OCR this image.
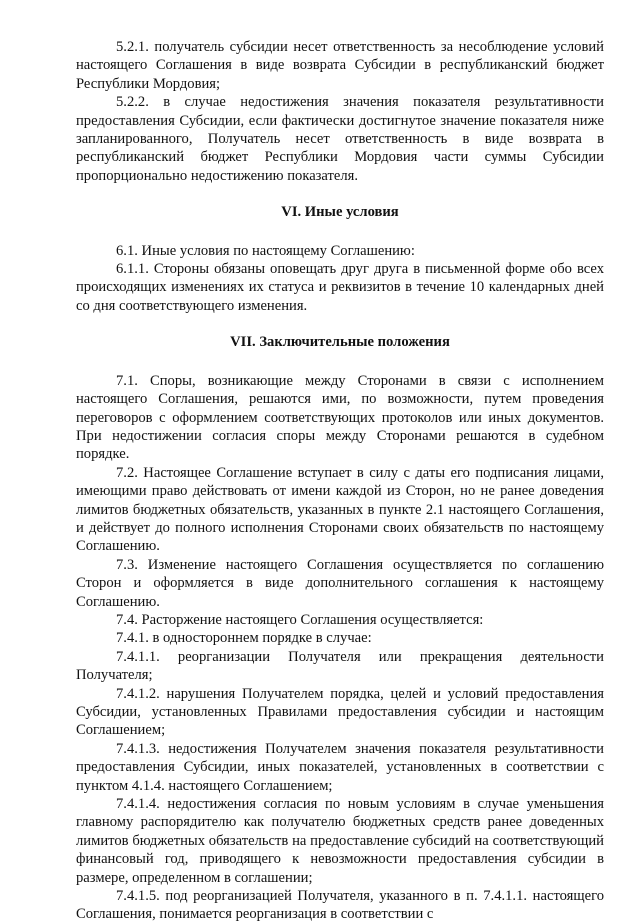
5.2.1. получатель субсидии несет ответственность за несоблюдение условий настоящего Соглашения в виде возврата Субсидии в республиканский бюджет Республики Мордовия;

5.2.2. в случае недостижения значения показателя результативности предоставления Субсидии, если фактически достигнутое значение показателя ниже запланированного, Получатель несет ответственность в виде возврата в республиканский бюджет Республики Мордовия части суммы Субсидии пропорционально недостижению показателя.

VI. Иные условия

6.1. Иные условия по настоящему Соглашению:

6.1.1. Стороны обязаны оповещать друг друга в письменной форме обо всех происходящих изменениях их статуса и реквизитов в течение 10 календарных дней со дня соответствующего изменения.

VII. Заключительные положения

7.1. Споры, возникающие между Сторонами в связи с исполнением настоящего Соглашения, решаются ими, по возможности, путем проведения переговоров с оформлением соответствующих протоколов или иных документов. При недостижении согласия споры между Сторонами решаются в судебном порядке.

7.2. Настоящее Соглашение вступает в силу с даты его подписания лицами, имеющими право действовать от имени каждой из Сторон, но не ранее доведения лимитов бюджетных обязательств, указанных в пункте 2.1 настоящего Соглашения, и действует до полного исполнения Сторонами своих обязательств по настоящему Соглашению.

7.3. Изменение настоящего Соглашения осуществляется по соглашению Сторон и оформляется в виде дополнительного соглашения к настоящему Соглашению.

7.4. Расторжение настоящего Соглашения осуществляется:

7.4.1. в одностороннем порядке в случае:

7.4.1.1. реорганизации Получателя или прекращения деятельности Получателя;

7.4.1.2. нарушения Получателем порядка, целей и условий предоставления Субсидии, установленных Правилами предоставления субсидии и настоящим Соглашением;

7.4.1.3. недостижения Получателем значения показателя результативности предоставления Субсидии, иных показателей, установленных в соответствии с пунктом 4.1.4. настоящего Соглашением;

7.4.1.4. недостижения согласия по новым условиям в случае уменьшения главному распорядителю как получателю бюджетных средств ранее доведенных лимитов бюджетных обязательств на предоставление субсидий на соответствующий финансовый год, приводящего к невозможности предоставления субсидии в размере, определенном в соглашении;

7.4.1.5. под реорганизацией Получателя, указанного в п. 7.4.1.1. настоящего Соглашения, понимается реорганизация в соответствии с
